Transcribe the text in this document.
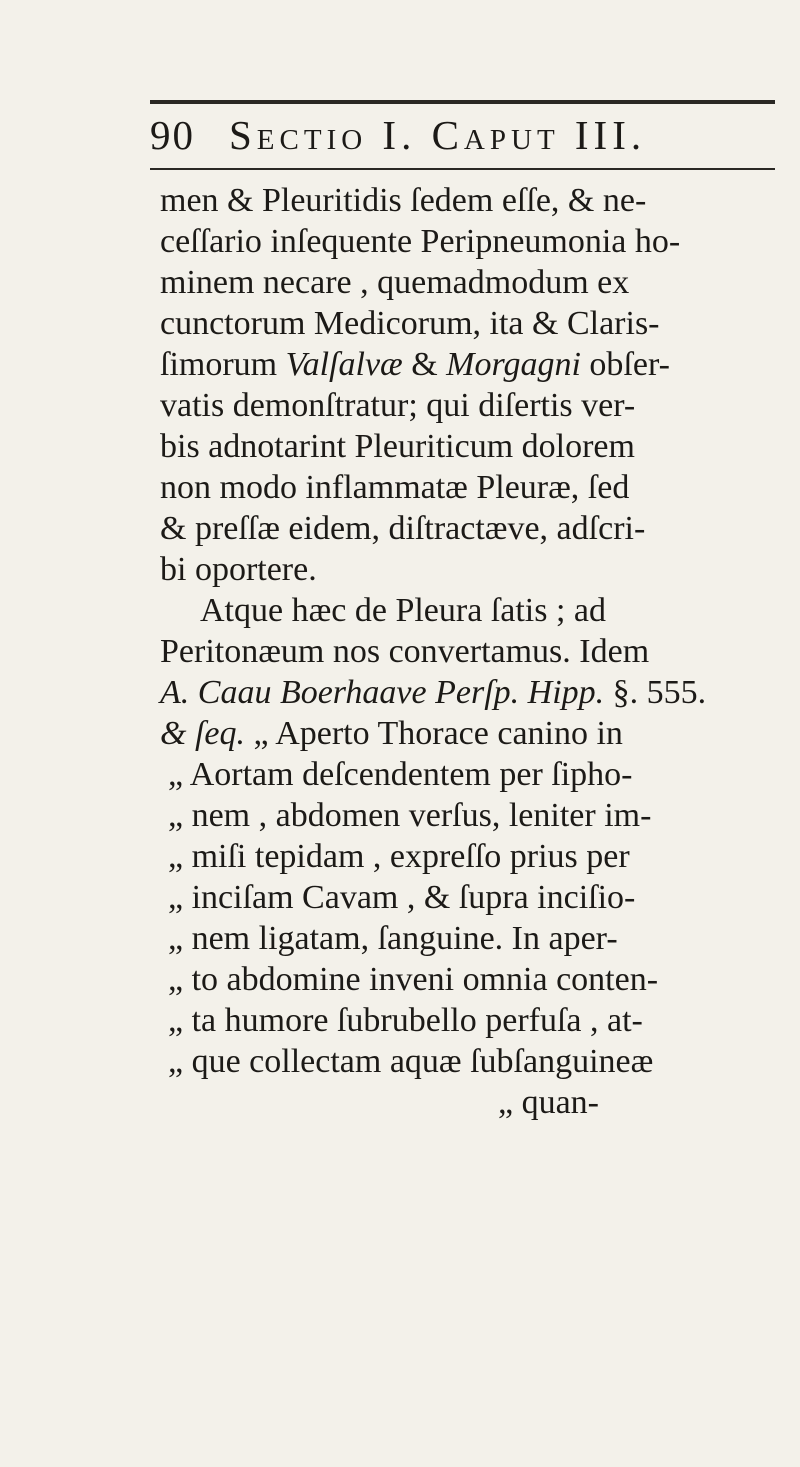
90 Sectio I. Caput III.
men & Pleuritidis ſedem eſſe, & ne-
ceſſario inſequente Peripneumonia ho-
minem necare , quemadmodum ex
cunctorum Medicorum, ita & Claris-
ſimorum Valſalvæ & Morgagni obſer-
vatis demonſtratur; qui diſertis ver-
bis adnotarint Pleuriticum dolorem
non modo inflammatæ Pleuræ, ſed
& preſſæ eidem, diſtractæve, adſcri-
bi oportere.
Atque hæc de Pleura ſatis ; ad
Peritonæum nos convertamus. Idem
A. Caau Boerhaave Perſp. Hipp. §. 555.
& ſeq. „ Aperto Thorace canino in
„ Aortam deſcendentem per ſipho-
„ nem , abdomen verſus, leniter im-
„ miſi tepidam , expreſſo prius per
„ inciſam Cavam , & ſupra inciſio-
„ nem ligatam, ſanguine. In aper-
„ to abdomine inveni omnia conten-
„ ta humore ſubrubello perfuſa , at-
„ que collectam aquæ ſubſanguineæ
„ quan-
